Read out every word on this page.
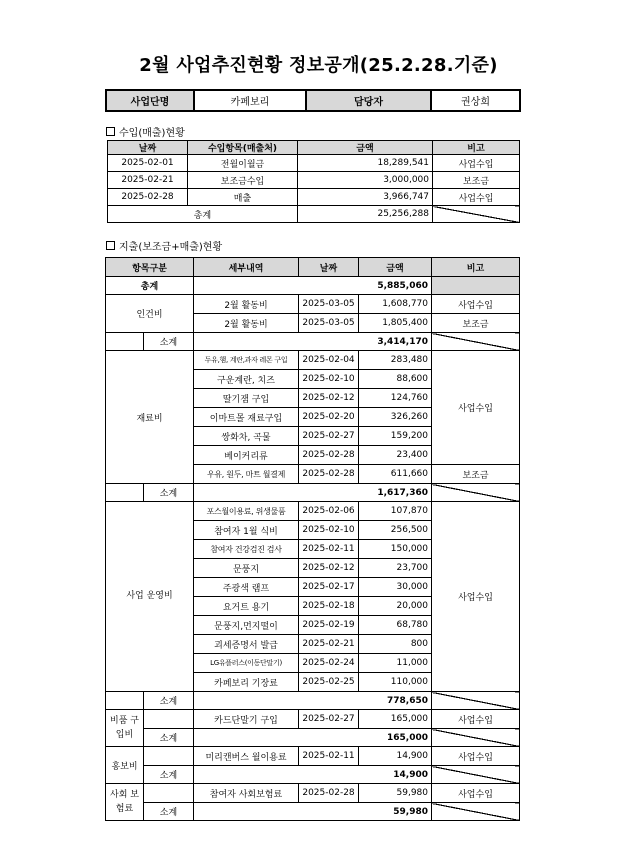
2월 사업추진현황 정보공개(25.2.28.기준)
사업단명	카페보리	담당자	권상희
수입(매출)현황
날짜	수입항목(매출처)	금액	비고
2025-02-01	전월이월금	18,289,541	사업수입
2025-02-21	보조금수입	3,000,000	보조금
2025-02-28	매출	3,966,747	사업수입
총계		25,256,288	
지출(보조금+매출)현황
항목구분		세부내역	날짜	금액	비고
총계		5,885,060			
인건비		2월 활동비	2025-03-05	1,608,770	사업수입
		2월 활동비	2025-03-05	1,805,400	보조금
	소계	3,414,170			
재료비		두유,햄, 계란,과자 레몬 구입	2025-02-04	283,480	사업수입
		구운계란, 치즈	2025-02-10	88,600	
		딸기잼 구입	2025-02-12	124,760	
		이마트몰 재료구입	2025-02-20	326,260	
		쌍화차, 곡물	2025-02-27	159,200	
		베이커리류	2025-02-28	23,400	
		우유, 원두, 마트 월결제	2025-02-28	611,660	보조금
	소계	1,617,360			
사업 운영비		포스월이용료, 위생물품	2025-02-06	107,870	사업수입
		참여자 1월 식비	2025-02-10	256,500	
		참여자 건강검진 검사	2025-02-11	150,000	
		문풍지	2025-02-12	23,700	
		주광색 램프	2025-02-17	30,000	
		요거트 용기	2025-02-18	20,000	
		문풍지,먼지떨이	2025-02-19	68,780	
		괴세증명서 발급	2025-02-21	800	
		LG유플러스(이동단말기)	2025-02-24	11,000	
		카페보리 기장료	2025-02-25	110,000	
	소계	778,650			
비품 구입비		카드단말기 구입	2025-02-27	165,000	사업수입
	소계	165,000			
홍보비		미리캔버스 월이용료	2025-02-11	14,900	사업수입
	소계	14,900			
사회 보험료		참여자 사회보험료	2025-02-28	59,980	사업수입
	소계	59,980			
